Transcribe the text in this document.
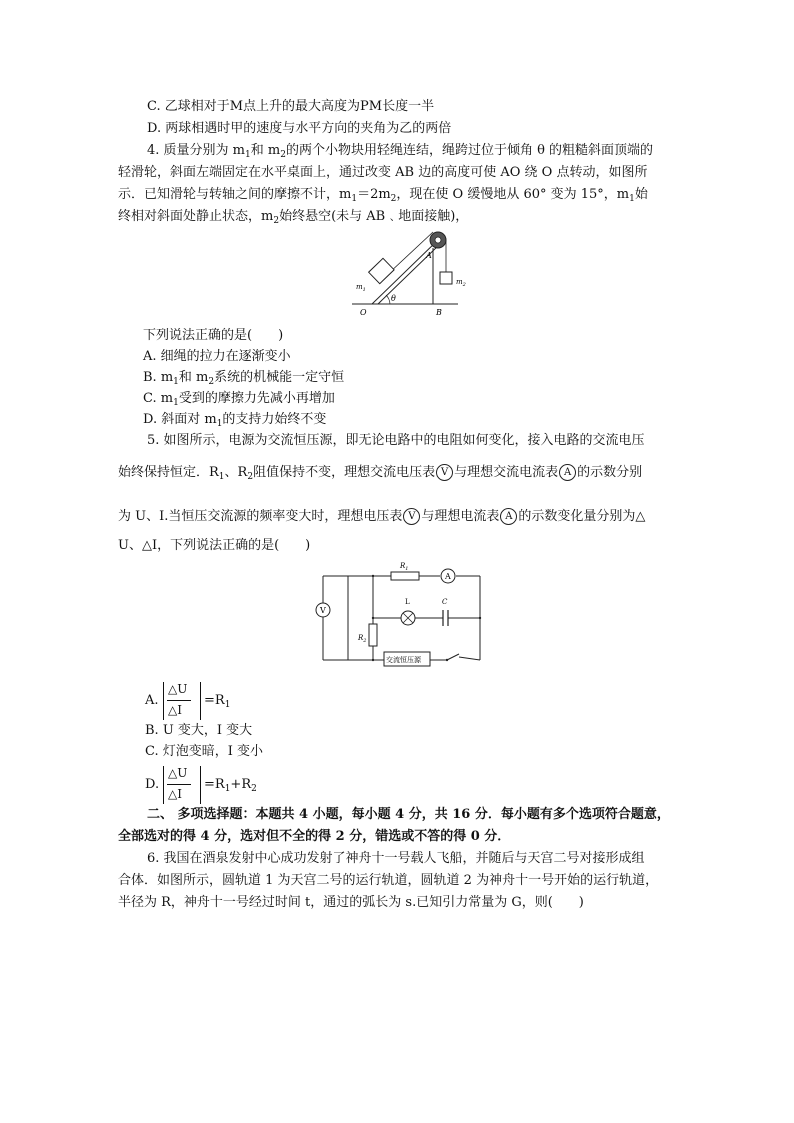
C. 乙球相对于M点上升的最大高度为PM长度一半
D. 两球相遇时甲的速度与水平方向的夹角为乙的两倍
4. 质量分别为 $m_1$和 $m_2$的两个小物块用轻绳连结，绳跨过位于倾角 θ 的粗糙斜面顶端的
轻滑轮，斜面左端固定在水平桌面上，通过改变 AB 边的高度可使 AO 绕 O 点转动，如图所
示．已知滑轮与转轴之间的摩擦不计，$m_1=2m_2$，现在使 O 缓慢地从 60° 变为 15°，$m_1$始
终相对斜面处静止状态，$m_2$始终悬空(未与 AB﹑地面接触)，
θ
A
B
O
$m_1$
$m_2$
下列说法正确的是(　　)
A. 细绳的拉力在逐渐变小
B. $m_1$和 $m_2$系统的机械能一定守恒
C. $m_1$受到的摩擦力先减小再增加
D. 斜面对 $m_1$的支持力始终不变
5. 如图所示，电源为交流恒压源，即无论电路中的电阻如何变化，接入电路的交流电压
始终保持恒定．$R_1$、$R_2$阻值保持不变，理想交流电压表 V 与理想交流电流表 A 的示数分别
为 U、I.当恒压交流源的频率变大时，理想电压表 V 与理想电流表 A 的示数变化量分别为△
U、△I，下列说法正确的是(　　)
$R_1$
A
V
$R_2$
L	C
交流恒压源
A.
△U
△I
$=R_1$
B. U 变大，I 变大
C. 灯泡变暗，I 变小
D.
△U
△I
$=R_1+R_2$
二、 多项选择题：本题共 4 小题，每小题 4 分，共 16 分．每小题有多个选项符合题意，
全部选对的得 4 分，选对但不全的得 2 分，错选或不答的得 0 分．
6. 我国在酒泉发射中心成功发射了神舟十一号载人飞船，并随后与天宫二号对接形成组
合体．如图所示，圆轨道 1 为天宫二号的运行轨道，圆轨道 2 为神舟十一号开始的运行轨道，
半径为 R，神舟十一号经过时间 t，通过的弧长为 s.已知引力常量为 G，则(　　)
